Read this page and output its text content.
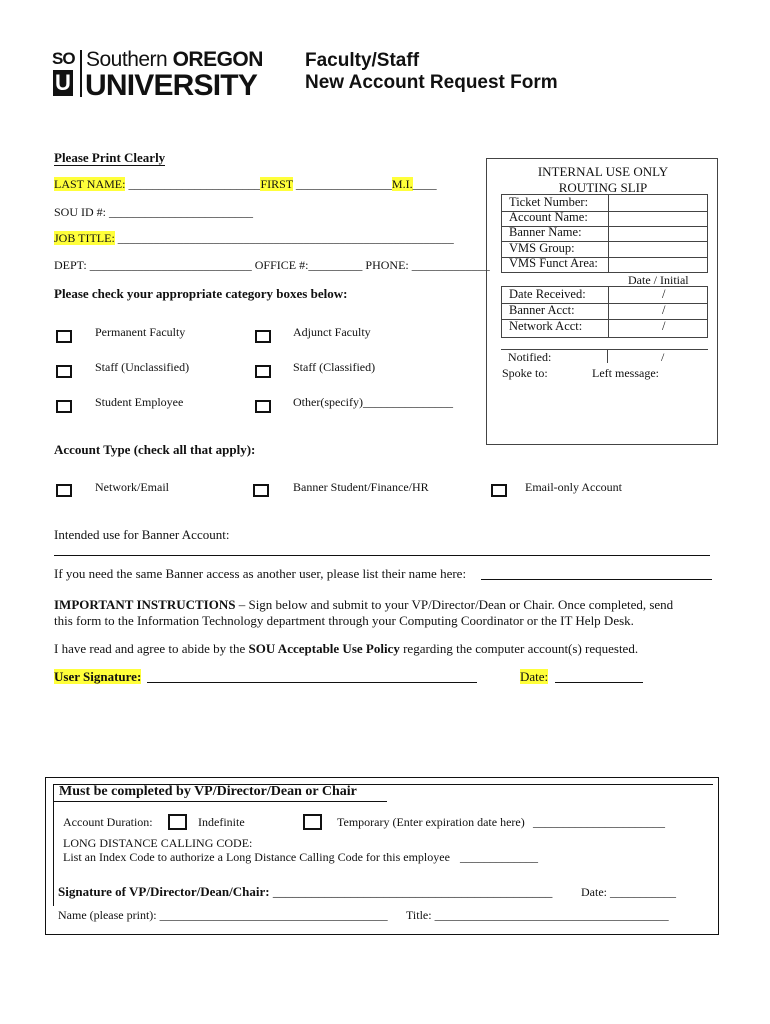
SO
U
Southern OREGON
UNIVERSITY
Faculty/Staff
New Account Request Form
Please Print Clearly
LAST NAME: ______________________FIRST ________________M.I.____
SOU ID #: ________________________
JOB TITLE: ________________________________________________________
DEPT: ___________________________ OFFICE #:_________ PHONE: _____________
Please check your appropriate category boxes below:
Permanent Faculty	Adjunct Faculty
Staff (Unclassified)	Staff (Classified)
Student Employee	Other(specify)_______________
INTERNAL USE ONLY
ROUTING SLIP
Ticket Number:
Account Name:
Banner Name:
VMS Group:
VMS Funct Area:
Date / Initial
Date Received:	/
Banner Acct:	/
Network Acct:	/
Notified:	/
Spoke to:	Left message:
Account Type (check all that apply):
Network/Email	Banner Student/Finance/HR	Email-only Account
Intended use for Banner Account:
If you need the same Banner access as another user, please list their name here:
IMPORTANT INSTRUCTIONS – Sign below and submit to your VP/Director/Dean or Chair. Once completed, send
this form to the Information Technology department through your Computing Coordinator or the IT Help Desk.
I have read and agree to abide by the SOU Acceptable Use Policy regarding the computer account(s) requested.
User Signature:	Date:
Must be completed by VP/Director/Dean or Chair
Account Duration:	Indefinite	Temporary (Enter expiration date here) ______________________
LONG DISTANCE CALLING CODE:
List an Index Code to authorize a Long Distance Calling Code for this employee _____________
Signature of VP/Director/Dean/Chair: ___________________________________________ Date: ___________
Name (please print): ______________________________________ Title: _______________________________________
